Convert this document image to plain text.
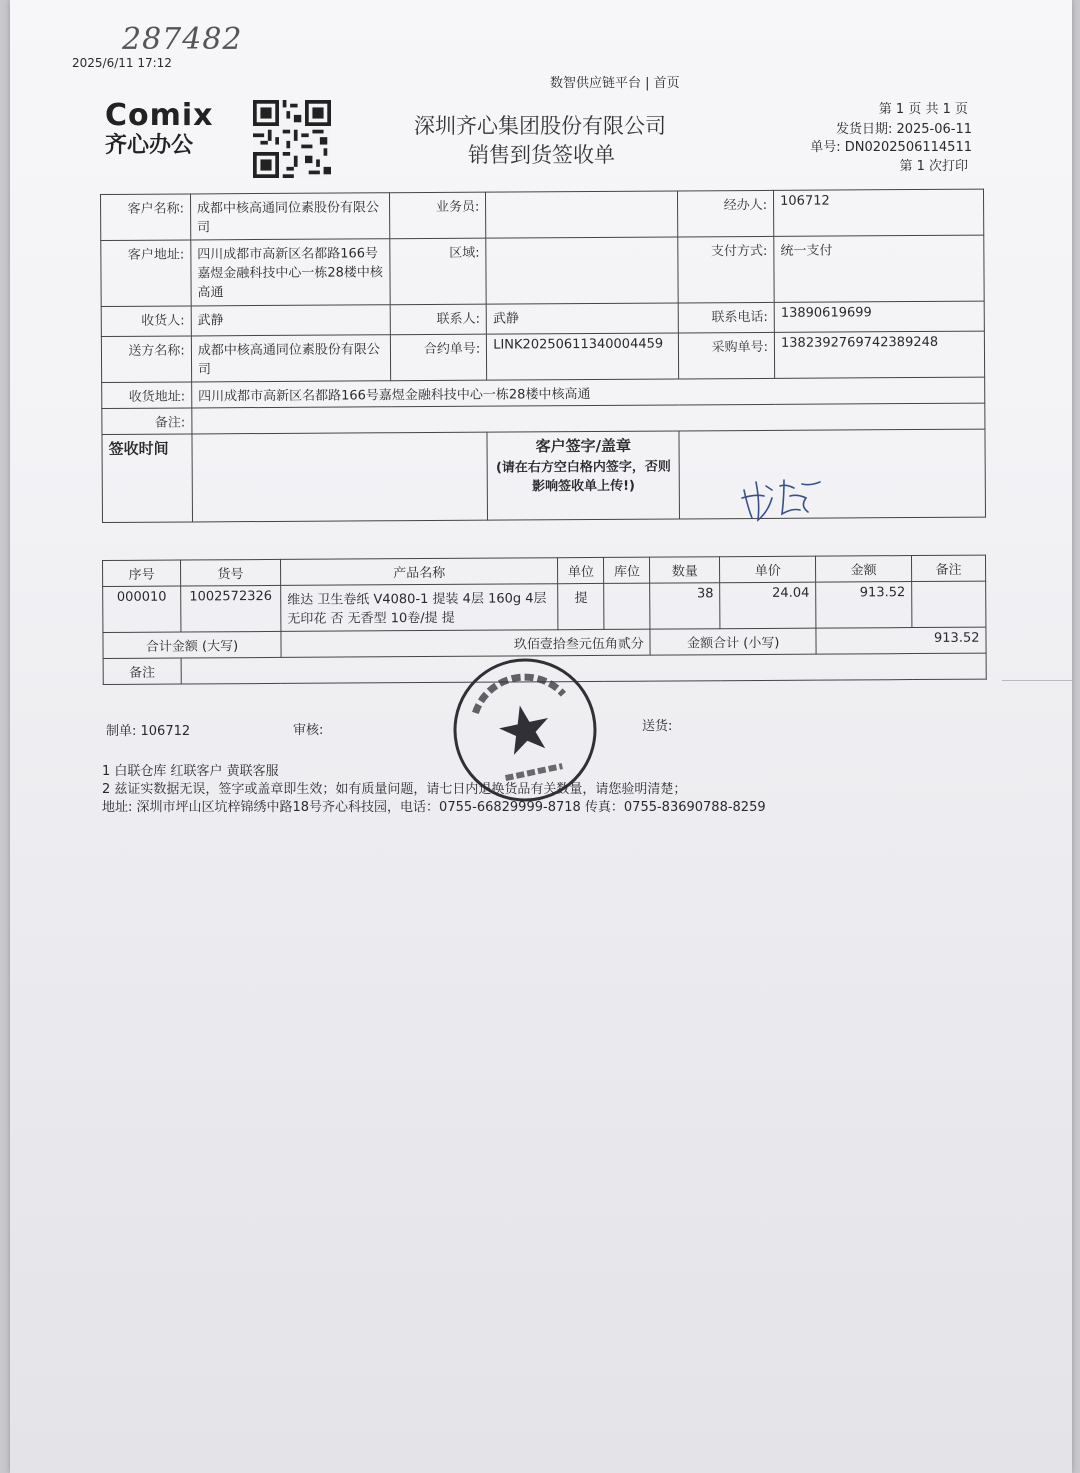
287482
2025/6/11 17:12
数智供应链平台 | 首页
Comix
齐心办公
深圳齐心集团股份有限公司
销售到货签收单
第 1 页 共 1 页
发货日期: 2025-06-11
单号: DN0202506114511
第 1 次打印
客户名称:	成都中核高通同位素股份有限公司	业务员:		经办人:	106712
客户地址:	四川成都市高新区名都路166号嘉煜金融科技中心一栋28楼中核高通	区域:		支付方式:	统一支付
收货人:	武静	联系人:	武静	联系电话:	13890619699
送方名称:	成都中核高通同位素股份有限公司	合约单号:	LINK20250611340004459	采购单号:	1382392769742389248
收货地址:	四川成都市高新区名都路166号嘉煜金融科技中心一栋28楼中核高通				
备注:					
签收时间			客户签字/盖章
(请在右方空白格内签字，否则影响签收单上传!)		

序号	货号	产品名称	单位	库位	数量	单价	金额	备注
000010	1002572326	维达 卫生卷纸 V4080-1 提装 4层 160g 4层 无印花 否 无香型 10卷/提 提	提		38	24.04	913.52	
合计金额 (大写)		玖佰壹拾叁元伍角贰分			金额合计 (小写)		913.52	
备注								
制单: 106712	审核:	送货:
1 白联仓库 红联客户 黄联客服
2 兹证实数据无误，签字或盖章即生效；如有质量问题，请七日内退换货品有关数量，请您验明清楚；
地址: 深圳市坪山区坑梓锦绣中路18号齐心科技园，电话：0755-66829999-8718 传真：0755-83690788-8259
